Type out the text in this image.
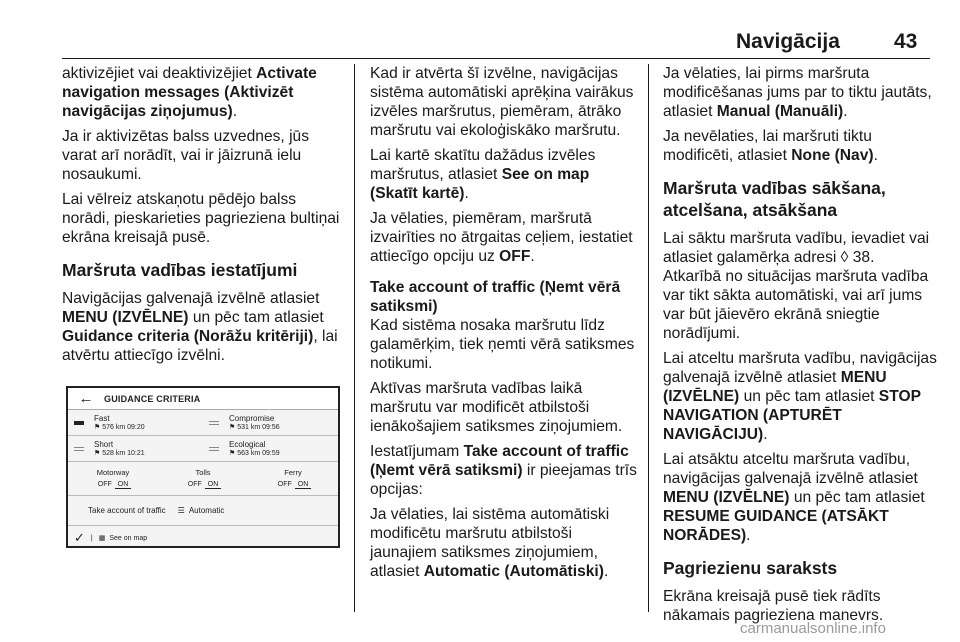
Navigācija	43

aktivizējiet vai deaktivizējiet Activate navigation messages (Aktivizēt navigācijas ziņojumus).

Ja ir aktivizētas balss uzvednes, jūs varat arī norādīt, vai ir jāizrunā ielu nosaukumi.

Lai vēlreiz atskaņotu pēdējo balss norādi, pieskarieties pagrieziena bultiņai ekrāna kreisajā pusē.

Maršruta vadības iestatījumi

Navigācijas galvenajā izvēlnē atlasiet MENU (IZVĒLNE) un pēc tam atlasiet Guidance criteria (Norāžu kritēriji), lai atvērtu attiecīgo izvēlni.

←	GUIDANCE CRITERIA
Fast
⚑ 576 km 09:20
Compromise
⚑ 531 km 09:56
Short
⚑ 528 km 10:21
Ecological
⚑ 563 km 09:59
Motorway
OFF ON
Tolls
OFF ON
Ferry
OFF ON
Take account of traffic ☰ Automatic
✓ | ▦ See on map

Kad ir atvērta šī izvēlne, navigācijas sistēma automātiski aprēķina vairākus izvēles maršrutus, piemēram, ātrāko maršrutu vai ekoloģiskāko maršrutu.

Lai kartē skatītu dažādus izvēles maršrutus, atlasiet See on map (Skatīt kartē).

Ja vēlaties, piemēram, maršrutā izvairīties no ātrgaitas ceļiem, iestatiet attiecīgo opciju uz OFF.

Take account of traffic (Ņemt vērā satiksmi)

Kad sistēma nosaka maršrutu līdz galamērķim, tiek ņemti vērā satiksmes notikumi.

Aktīvas maršruta vadības laikā maršrutu var modificēt atbilstoši ienākošajiem satiksmes ziņojumiem.

Iestatījumam Take account of traffic (Ņemt vērā satiksmi) ir pieejamas trīs opcijas:

Ja vēlaties, lai sistēma automātiski modificētu maršrutu atbilstoši jaunajiem satiksmes ziņojumiem, atlasiet Automatic (Automātiski).

Ja vēlaties, lai pirms maršruta modificēšanas jums par to tiktu jautāts, atlasiet Manual (Manuāli).

Ja nevēlaties, lai maršruti tiktu modificēti, atlasiet None (Nav).

Maršruta vadības sākšana, atcelšana, atsākšana

Lai sāktu maršruta vadību, ievadiet vai atlasiet galamērķa adresi ◊ 38.

Atkarībā no situācijas maršruta vadība var tikt sākta automātiski, vai arī jums var būt jāievēro ekrānā sniegtie norādījumi.

Lai atceltu maršruta vadību, navigācijas galvenajā izvēlnē atlasiet MENU (IZVĒLNE) un pēc tam atlasiet STOP NAVIGATION (APTURĒT NAVIGĀCIJU).

Lai atsāktu atceltu maršruta vadību, navigācijas galvenajā izvēlnē atlasiet MENU (IZVĒLNE) un pēc tam atlasiet RESUME GUIDANCE (ATSĀKT NORĀDES).

Pagriezienu saraksts

Ekrāna kreisajā pusē tiek rādīts nākamais pagrieziena manevrs.

carmanualsonline.info
